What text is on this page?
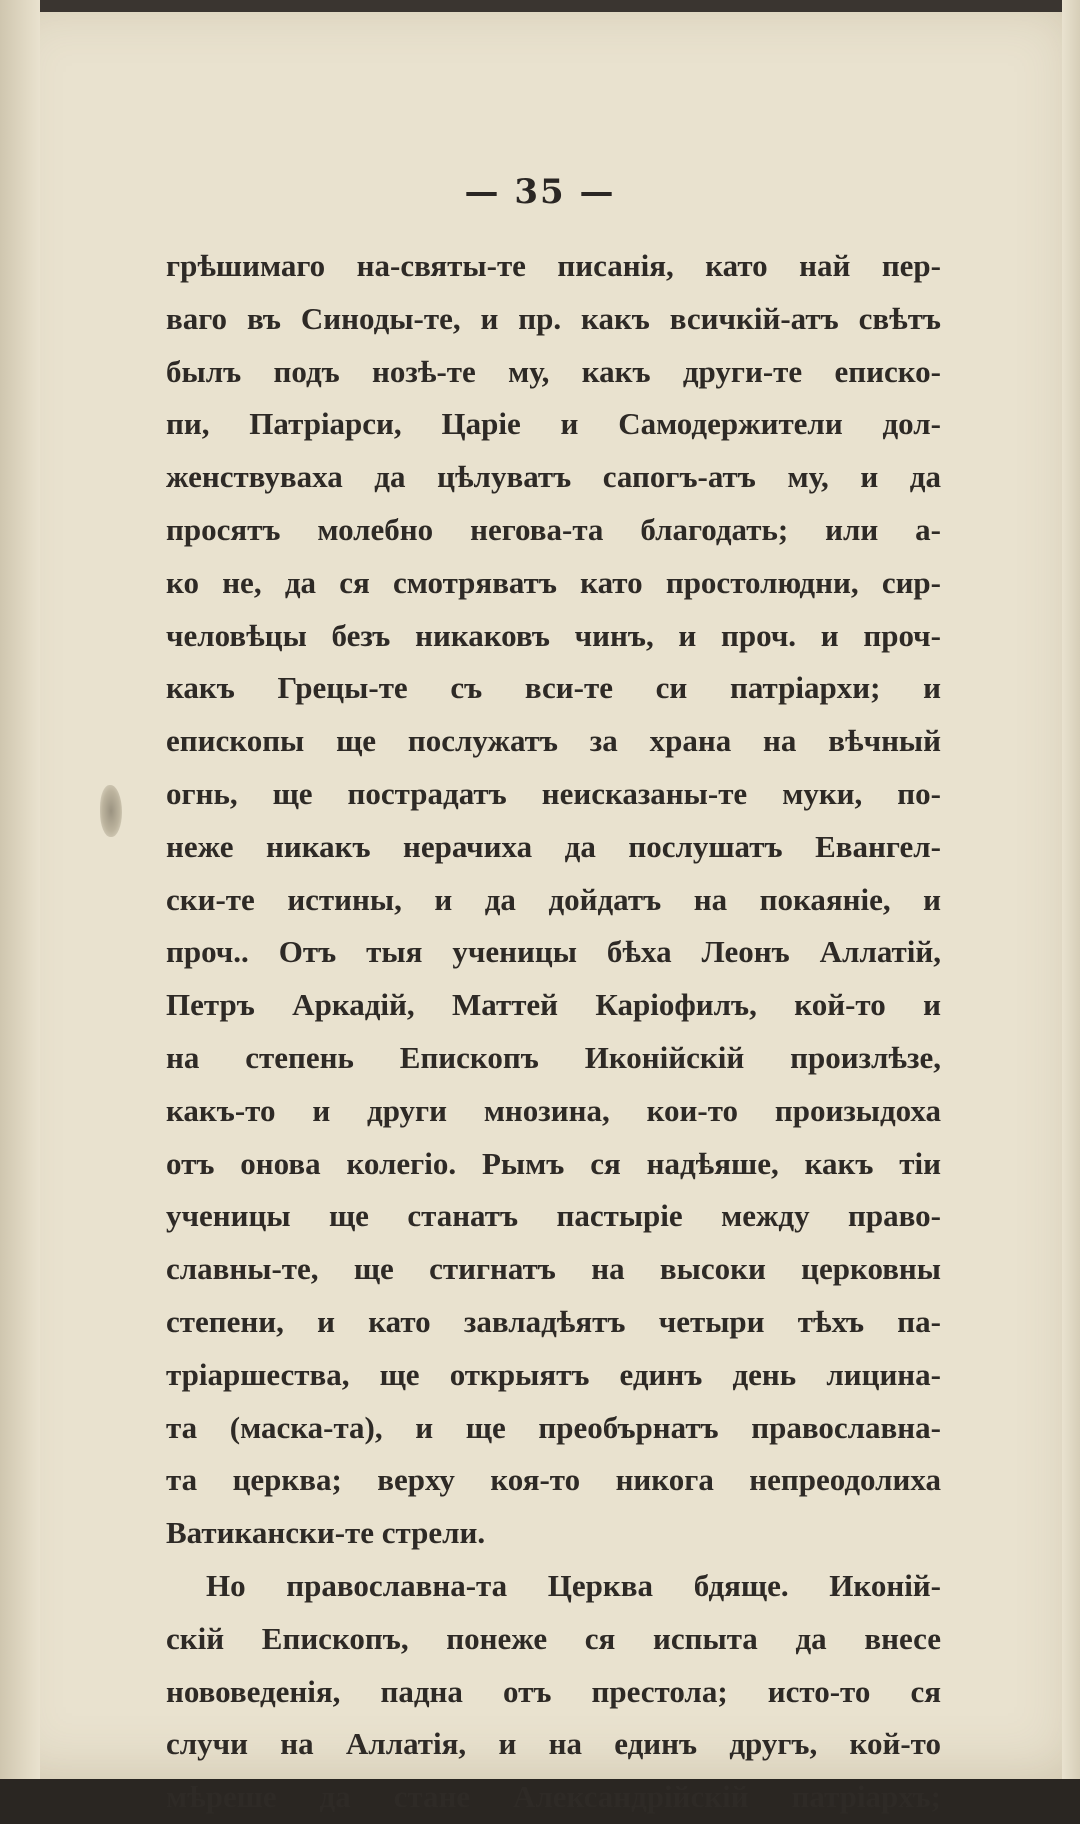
— 35 —
грѣшимаго на-святы-те писанія, като най пер-
ваго въ Синоды-те, и пр. какъ всичкій-атъ свѣтъ
былъ подъ нозѣ-те му, какъ други-те еписко-
пи, Патріарси, Царіе и Самодержители дол-
женствуваха да цѣлуватъ сапогъ-атъ му, и да
просятъ молебно негова-та благодать; или а-
ко не, да ся смотряватъ като простолюдни, сир-
человѣцы безъ никаковъ чинъ, и проч. и проч-
какъ Грецы-те съ вси-те си патріархи; и
епископы ще послужатъ за храна на вѣчный
огнь, ще пострадатъ неисказаны-те муки, по-
неже никакъ нерачиха да послушатъ Евангел-
ски-те истины, и да дойдатъ на покаяніе, и
проч.. Отъ тыя ученицы бѣха Леонъ Аллатій,
Петръ Аркадій, Маттей Каріофилъ, кой-то и
на степень Епископъ Иконійскій произлѣзе,
какъ-то и други мнозина, кои-то произыдоха
отъ онова колегіо. Рымъ ся надѣяше, какъ тіи
ученицы ще станатъ пастыріе между право-
славны-те, ще стигнатъ на высоки церковны
степени, и като завладѣятъ четыри тѣхъ па-
тріаршества, ще открыятъ единъ день лицина-
та (маска-та), и ще преобърнатъ православна-
та церква; верху коя-то никога непреодолиха
Ватикански-те стрели.
Но православна-та Церква бдяще. Иконій-
скій Епископъ, понеже ся испыта да внесе
нововеденія, падна отъ престола; исто-то ся
случи на Аллатія, и на единъ другъ, кой-то
мѣреше да стане Александрійскій патріархъ;
